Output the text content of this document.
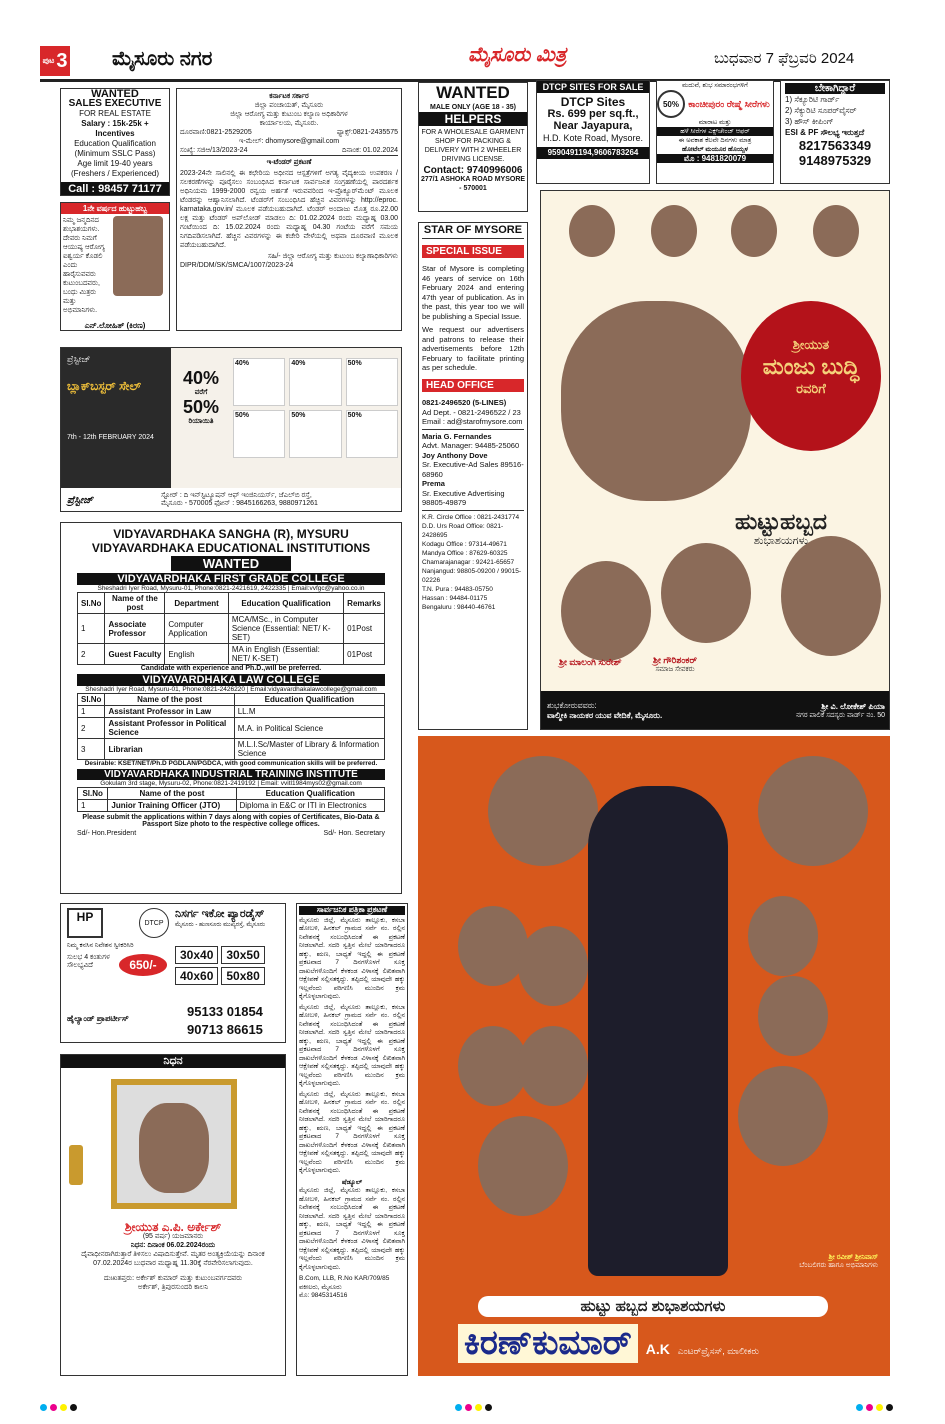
ಪುಟ 3 ಮೈಸೂರು ನಗರ	ಮೈಸೂರು ಮಿತ್ರ	ಬುಧವಾರ 7 ಫೆಬ್ರವರಿ 2024
WANTED
SALES EXECUTIVE
FOR REAL ESTATE
Salary : 15k-25k + Incentives
Education Qualification
(Minimum SSLC Pass)
Age limit 19-40 years
(Freshers / Experienced)
Call : 98457 71177
ಕರ್ನಾಟಕ ಸರ್ಕಾರ
ಜಿಲ್ಲಾ ಪಂಚಾಯತ್, ಮೈಸೂರು
ಜಿಲ್ಲಾ ಆರೋಗ್ಯ ಮತ್ತು ಕುಟುಂಬ ಕಲ್ಯಾಣ ಅಧಿಕಾರಿಗಳ
ಕಾರ್ಯಾಲಯ, ಮೈಸೂರು.
ದೂರವಾಣಿ:0821-2529205	ಫ್ಯಾಕ್ಸ್:0821-2435575
ಇ-ಮೇಲ್: dhomysore@gmail.com
ಸಂಖ್ಯೆ: ಸಜಿಆ/13/2023-24	ದಿನಾಂಕ: 01.02.2024
ಇ-ಟೆಂಡರ್ ಪ್ರಕಟಣೆ
2023-24ನೇ ಸಾಲಿನಲ್ಲಿ ಈ ಕಛೇರಿಯ ಅಧೀನದ ಆಸ್ಪತ್ರೆಗಳಿಗೆ ಅಗತ್ಯ ವೈದ್ಯಕೀಯ ಉಪಕರಣ / ಸಲಕರಣೆಗಳನ್ನು ಪೂರೈಸಲು ಸಂಬಂಧಿಸಿದ ಕರ್ನಾಟಕ ಸಾರ್ವಜನಿಕ ಸಂಗ್ರಹಣೆಯಲ್ಲಿ ಪಾರದರ್ಶಕ ಅಧಿನಿಯಮ 1999-2000 ರನ್ವಯ ಅರ್ಹತೆ ಇರುವವರಿಂದ ಇ-ಪ್ರೊಕ್ಯೂರ್‌ಮೆಂಟ್ ಮೂಲಕ ಟೆಂಡರನ್ನು ಆಹ್ವಾನಿಸಲಾಗಿದೆ. ಟೆಂಡರ್‌ಗೆ ಸಂಬಂಧಿಸಿದ ಹೆಚ್ಚಿನ ವಿವರಗಳನ್ನು http://eproc. karnataka.gov.in/ ಮೂಲಕ ಪಡೆಯಬಹುದಾಗಿದೆ. ಟೆಂಡರ್ ಅಂದಾಜು ಮೊತ್ತ ರೂ.22.00 ಲಕ್ಷ ಮತ್ತು ಟೆಂಡರ್ ಅಪ್‌ಲೋಡ್ ಮಾಡಲು ದಿ: 01.02.2024 ರಂದು ಮಧ್ಯಾಹ್ನ 03.00 ಗಂಟೆಯಿಂದ ದಿ: 15.02.2024 ರಂದು ಮಧ್ಯಾಹ್ನ 04.30 ಗಂಟೆಯ ವರೆಗೆ ಸಮಯ ನಿಗದಿಪಡಿಸಲಾಗಿದೆ. ಹೆಚ್ಚಿನ ವಿವರಗಳನ್ನು ಈ ಕಚೇರಿ ವೇಳೆಯಲ್ಲಿ ಅಥವಾ ದೂರವಾಣಿ ಮೂಲಕ ಪಡೆಯಬಹುದಾಗಿದೆ.
ಸಹಿ/- ಜಿಲ್ಲಾ ಆರೋಗ್ಯ ಮತ್ತು ಕುಟುಂಬ ಕಲ್ಯಾಣಾಧಿಕಾರಿಗಳು
DIPR/DDM/SK/SMCA/1007/2023-24
1ನೇ ವರ್ಷದ ಹುಟ್ಟುಹಬ್ಬ
ನಿಮ್ಮ ಜನ್ಮದಿನದ ಶುಭಾಶಯಗಳು. ದೇವರು ನಿಮಗೆ ಆಯುಷ್ಯ ಆರೋಗ್ಯ ಐಶ್ವರ್ಯ ಕೊಡಲಿ ಎಂದು ಹಾರೈಸುವವರು ಕುಟುಂಬದವರು, ಬಂಧು ಮಿತ್ರರು ಮತ್ತು ಅಭಿಮಾನಿಗಳು.
ಎನ್.ಲೋಹಿತ್ (ಕಿರಣ)
ಪ್ರೆಸ್ಟೀಜ್
ಬ್ಲಾಕ್‌ಬಸ್ಟರ್ ಸೇಲ್
7th - 12th FEBRUARY 2024
40%
ವರೆಗೆ
50%
ರಿಯಾಯಿತಿ
40%	40%	50%
50%	50%	50%
ಪ್ರೆಸ್ಟೀಜ್	ಸ್ಟೋರ್ : ದಿ ಇನ್‌ಸ್ಟಿಟ್ಯೂಷನ್ ಆಫ್ ಇಂಜಿನಿಯರ್ಸ್, ಜೆಎಲ್‌ಬಿ ರಸ್ತೆ,
ಮೈಸೂರು - 570005 ಫೋನ್ : 9845166263, 9880971261
VIDYAVARDHAKA SANGHA (R), MYSURU
VIDYAVARDHAKA EDUCATIONAL INSTITUTIONS
WANTED
VIDYAVARDHAKA FIRST GRADE COLLEGE
Sheshadri Iyer Road, Mysuru-01, Phone:0821-2421619, 2422335 | Email:vvfgc@yahoo.co.in
Sl.No	Name of the post	Department	Education Qualification	Remarks
1	Associate Professor	Computer Application	MCA/MSc., in Computer Science (Essential: NET/ K-SET)	01Post
2	Guest Faculty	English	MA in English (Essential: NET/ K-SET)	01Post
Candidate with experience and Ph.D.,will be preferred.
VIDYAVARDHAKA LAW COLLEGE
Sheshadri Iyer Road, Mysuru-01, Phone:0821-2426220 | Email:vidyavardhakalawcollege@gmail.com
Sl.No	Name of the post	Education Qualification
1	Assistant Professor in Law	LL.M
2	Assistant Professor in Political Science	M.A. in Political Science
3	Librarian	M.L.I.Sc/Master of Library & Information Science
Desirable: KSET/NET/Ph.D PGDLAN/PGDCA, with good communication skills will be preferred.
VIDYAVARDHAKA INDUSTRIAL TRAINING INSTITUTE
Gokulam 3rd stage, Mysuru-02, Phone:0821-2419192 | Email: vvitl1984mys02@gmail.com
Sl.No	Name of the post	Education Qualification
1	Junior Training Officer (JTO)	Diploma in E&C or ITI in Electronics
Please submit the applications within 7 days along with copies of Certificates, Bio-Data & Passport Size photo to the respective college offices.
Sd/- Hon.President	Sd/- Hon. Secretary
HP	DTCP
ನಿಸರ್ಗ ಇಕೋ ಪ್ಯಾರಡೈಸ್
ಮೈಸೂರು - ಹುಣಸೂರು ಮುಖ್ಯರಸ್ತೆ, ಮೈಸೂರು
ನಿಮ್ಮ ಕನಸಿನ ನಿವೇಶನ ಸ್ವೀಕರಿಸಿರಿ
ಸುಲಭ 4 ಕಂತುಗಳ ಸೌಲಭ್ಯವಿದೆ	650/-
30x40	30x50
40x60	50x80
ಹೈಲ್ಯಾಂಡ್ ಪ್ರಾಪರ್ಟೀಸ್	95133 01854
90713 86615
ನಿಧನ
ಶ್ರೀಯುತ ಎ.ಪಿ. ಅರ್ಕೇಶ್
(95 ವರ್ಷ) ಯಜಮಾನರು
ನಿಧನ: ದಿನಾಂಕ 06.02.2024ರಂದು
ದೈವಾಧೀನರಾಗಿರುತ್ತಾರೆ ತಿಳಿಸಲು ವಿಷಾದಿಸುತ್ತೇವೆ. ಮೃತರ ಅಂತ್ಯಕ್ರಿಯೆಯನ್ನು ದಿನಾಂಕ 07.02.2024ರ ಬುಧವಾರ ಮಧ್ಯಾಹ್ನ 11.30ಕ್ಕೆ ನೆರವೇರಿಸಲಾಗುವುದು.
ದುಃಖತಪ್ತರು: ಅರ್ಕೇಶ್ ಕುಮಾರ್ ಮತ್ತು ಕುಟುಂಬವರ್ಗದವರು
ಅರ್ಕೇಶ್, ತ್ರಿಪುರಸುಂದರಿ ಕಾಲನಿ
ಸಾರ್ವಜನಿಕ ಪತ್ರಿಕಾ ಪ್ರಕಟಣೆ
ಮೈಸೂರು ಜಿಲ್ಲೆ, ಮೈಸೂರು ತಾಲ್ಲೂಕು, ಕಸಬಾ ಹೋಬಳಿ, ಹಿನಕಲ್ ಗ್ರಾಮದ ಸರ್ವೆ ನಂ. ರಲ್ಲಿನ ನಿವೇಶನಕ್ಕೆ ಸಂಬಂಧಿಸಿದಂತೆ ಈ ಪ್ರಕಟಣೆ ನೀಡಲಾಗಿದೆ. ಸದರಿ ಸ್ವತ್ತಿನ ಮೇಲೆ ಯಾರಿಗಾದರೂ ಹಕ್ಕು, ಋಣ, ಬಾಧ್ಯತೆ ಇದ್ದಲ್ಲಿ ಈ ಪ್ರಕಟಣೆ ಪ್ರಕಟವಾದ 7 ದಿನಗಳೊಳಗೆ ಸೂಕ್ತ ದಾಖಲೆಗಳೊಂದಿಗೆ ಕೆಳಕಂಡ ವಿಳಾಸಕ್ಕೆ ಲಿಖಿತವಾಗಿ ಆಕ್ಷೇಪಣೆ ಸಲ್ಲಿಸತಕ್ಕದ್ದು. ತಪ್ಪಿದಲ್ಲಿ ಯಾವುದೇ ಹಕ್ಕು ಇಲ್ಲವೆಂದು ಪರಿಗಣಿಸಿ ಮುಂದಿನ ಕ್ರಮ ಕೈಗೊಳ್ಳಲಾಗುವುದು.
ಮೈಸೂರು ಜಿಲ್ಲೆ, ಮೈಸೂರು ತಾಲ್ಲೂಕು, ಕಸಬಾ ಹೋಬಳಿ, ಹಿನಕಲ್ ಗ್ರಾಮದ ಸರ್ವೆ ನಂ. ರಲ್ಲಿನ ನಿವೇಶನಕ್ಕೆ ಸಂಬಂಧಿಸಿದಂತೆ ಈ ಪ್ರಕಟಣೆ ನೀಡಲಾಗಿದೆ. ಸದರಿ ಸ್ವತ್ತಿನ ಮೇಲೆ ಯಾರಿಗಾದರೂ ಹಕ್ಕು, ಋಣ, ಬಾಧ್ಯತೆ ಇದ್ದಲ್ಲಿ ಈ ಪ್ರಕಟಣೆ ಪ್ರಕಟವಾದ 7 ದಿನಗಳೊಳಗೆ ಸೂಕ್ತ ದಾಖಲೆಗಳೊಂದಿಗೆ ಕೆಳಕಂಡ ವಿಳಾಸಕ್ಕೆ ಲಿಖಿತವಾಗಿ ಆಕ್ಷೇಪಣೆ ಸಲ್ಲಿಸತಕ್ಕದ್ದು. ತಪ್ಪಿದಲ್ಲಿ ಯಾವುದೇ ಹಕ್ಕು ಇಲ್ಲವೆಂದು ಪರಿಗಣಿಸಿ ಮುಂದಿನ ಕ್ರಮ ಕೈಗೊಳ್ಳಲಾಗುವುದು.
ಮೈಸೂರು ಜಿಲ್ಲೆ, ಮೈಸೂರು ತಾಲ್ಲೂಕು, ಕಸಬಾ ಹೋಬಳಿ, ಹಿನಕಲ್ ಗ್ರಾಮದ ಸರ್ವೆ ನಂ. ರಲ್ಲಿನ ನಿವೇಶನಕ್ಕೆ ಸಂಬಂಧಿಸಿದಂತೆ ಈ ಪ್ರಕಟಣೆ ನೀಡಲಾಗಿದೆ. ಸದರಿ ಸ್ವತ್ತಿನ ಮೇಲೆ ಯಾರಿಗಾದರೂ ಹಕ್ಕು, ಋಣ, ಬಾಧ್ಯತೆ ಇದ್ದಲ್ಲಿ ಈ ಪ್ರಕಟಣೆ ಪ್ರಕಟವಾದ 7 ದಿನಗಳೊಳಗೆ ಸೂಕ್ತ ದಾಖಲೆಗಳೊಂದಿಗೆ ಕೆಳಕಂಡ ವಿಳಾಸಕ್ಕೆ ಲಿಖಿತವಾಗಿ ಆಕ್ಷೇಪಣೆ ಸಲ್ಲಿಸತಕ್ಕದ್ದು. ತಪ್ಪಿದಲ್ಲಿ ಯಾವುದೇ ಹಕ್ಕು ಇಲ್ಲವೆಂದು ಪರಿಗಣಿಸಿ ಮುಂದಿನ ಕ್ರಮ ಕೈಗೊಳ್ಳಲಾಗುವುದು.
ಷೆಡ್ಯೂಲ್
ಮೈಸೂರು ಜಿಲ್ಲೆ, ಮೈಸೂರು ತಾಲ್ಲೂಕು, ಕಸಬಾ ಹೋಬಳಿ, ಹಿನಕಲ್ ಗ್ರಾಮದ ಸರ್ವೆ ನಂ. ರಲ್ಲಿನ ನಿವೇಶನಕ್ಕೆ ಸಂಬಂಧಿಸಿದಂತೆ ಈ ಪ್ರಕಟಣೆ ನೀಡಲಾಗಿದೆ. ಸದರಿ ಸ್ವತ್ತಿನ ಮೇಲೆ ಯಾರಿಗಾದರೂ ಹಕ್ಕು, ಋಣ, ಬಾಧ್ಯತೆ ಇದ್ದಲ್ಲಿ ಈ ಪ್ರಕಟಣೆ ಪ್ರಕಟವಾದ 7 ದಿನಗಳೊಳಗೆ ಸೂಕ್ತ ದಾಖಲೆಗಳೊಂದಿಗೆ ಕೆಳಕಂಡ ವಿಳಾಸಕ್ಕೆ ಲಿಖಿತವಾಗಿ ಆಕ್ಷೇಪಣೆ ಸಲ್ಲಿಸತಕ್ಕದ್ದು. ತಪ್ಪಿದಲ್ಲಿ ಯಾವುದೇ ಹಕ್ಕು ಇಲ್ಲವೆಂದು ಪರಿಗಣಿಸಿ ಮುಂದಿನ ಕ್ರಮ ಕೈಗೊಳ್ಳಲಾಗುವುದು.
B.Com, LLB, R.No KAR/709/85
ವಕೀಲರು, ಮೈಸೂರು
ಮೊ: 9845314516
WANTED
MALE ONLY (AGE 18 - 35)
HELPERS
FOR A WHOLESALE GARMENT SHOP FOR PACKING & DELIVERY WITH 2 WHEELER DRIVING LICENSE.
Contact: 9740996006
277/1 ASHOKA ROAD MYSORE - 570001
DTCP SITES FOR SALE
DTCP Sites
Rs. 699 per sq.ft.,
Near Jayapura,
H.D. Kote Road, Mysore.
9590491194,9606783264
ಮದುವೆ, ಶುಭ ಸಮಾರಂಭಗಳಿಗೆ
50%	ಕಾಂಚೀಪುರಂ ರೇಷ್ಮೆ ಸೀರೆಗಳು
ಮಾರಾಟ ಮತ್ತು
ಹಳೆ ಸೀರೆಗಳ ಎಕ್ಸ್‌ಚೇಂಜ್ ಆಫರ್
ಈ ಅವಕಾಶ ಕೆಲವೇ ದಿನಗಳು ಮಾತ್ರ
ಹೋಟೆಲ್ ಮಯೂರ ಹೊಯ್ಸಳ
ಮೊ : 9481820079
ಬೇಕಾಗಿದ್ದಾರೆ
1) ಸೆಕ್ಯೂರಿಟಿ ಗಾರ್ಡ್
2) ಸೆಕ್ಯುರಿಟಿ ಸೂಪರ್‌ವೈಸರ್
3) ಹೌಸ್ ಕೀಪಿಂಗ್
ESI & PF ಸೌಲಭ್ಯ ಇರುತ್ತದೆ
8217563349
9148975329
STAR OF MYSORE
SPECIAL ISSUE
Star of Mysore is completing 46 years of service on 16th February 2024 and entering 47th year of publication. As in the past, this year too we will be publishing a Special Issue.
We request our advertisers and patrons to release their advertisements before 12th February to facilitate printing as per schedule.
HEAD OFFICE
0821-2496520 (5-LINES)
Ad Dept. - 0821-2496522 / 23
Email : ad@starofmysore.com
Maria G. Fernandes
Advt. Manager: 94485-25060
Joy Anthony Dove
Sr. Executive-Ad Sales 89516-68960
Prema
Sr. Executive Advertising 98805-49879
K.R. Circle Office : 0821-2431774
D.D. Urs Road Office: 0821-2428695
Kodagu Office : 97314-49671
Mandya Office : 87629-60325
Chamarajanagar : 92421-65657
Nanjangud: 98805-09200 / 99015-02226
T.N. Pura : 94483-05750
Hassan : 94484-01175
Bengaluru : 98440-46761
ಶ್ರೀಯುತ
ಮಂಜು ಬುದ್ಧಿ
ರವರಿಗೆ
ಹುಟ್ಟುಹಬ್ಬದ
ಶುಭಾಶಯಗಳು
ಶ್ರೀ ಮಾಲಂಗಿ ಸುರೇಶ್	ಶ್ರೀ ಗೌರಿಶಂಕರ್
ಸಮಾಜ ಸೇವಕರು
ಶುಭಕೋರುವವರು:
ವಾಲ್ಮೀಕಿ ನಾಯಕರ ಯುವ ವೇದಿಕೆ, ಮೈಸೂರು.
ಶ್ರೀ ವಿ. ಲೋಕೇಶ್ ಪಿಯಾ
ನಗರ ಪಾಲಿಕೆ ಸದಸ್ಯರು ವಾರ್ಡ್ ನಂ. 50
ಶ್ರೀ ರವೀಶ್ ಶ್ರೀನಿವಾಸ್
ಬೆಂಬಲಿಗರು ಹಾಗೂ ಅಭಿಮಾನಿಗಳು
ಹುಟ್ಟು ಹಬ್ಬದ ಶುಭಾಶಯಗಳು
ಕಿರಣ್‌ಕುಮಾರ್	A.K ಎಂಟರ್‌ಪ್ರೈಸಸ್, ಮಾಲೀಕರು
